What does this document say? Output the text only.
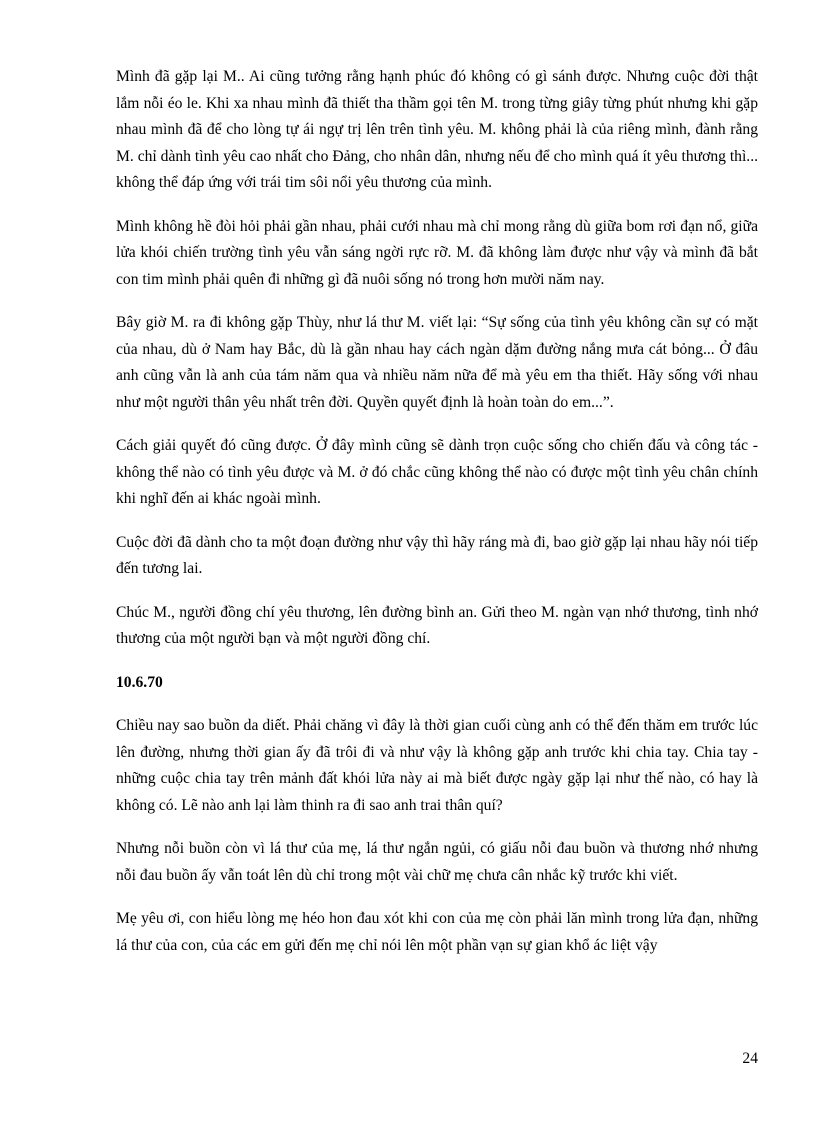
Mình đã gặp lại M.. Ai cũng tưởng rằng hạnh phúc đó không có gì sánh được. Nhưng cuộc đời thật lắm nỗi éo le. Khi xa nhau mình đã thiết tha thầm gọi tên M. trong từng giây từng phút nhưng khi gặp nhau mình đã để cho lòng tự ái ngự trị lên trên tình yêu. M. không phải là của riêng mình, đành rằng M. chỉ dành tình yêu cao nhất cho Đảng, cho nhân dân, nhưng nếu để cho mình quá ít yêu thương thì... không thể đáp ứng với trái tim sôi nổi yêu thương của mình.

Mình không hề đòi hỏi phải gần nhau, phải cưới nhau mà chỉ mong rằng dù giữa bom rơi đạn nổ, giữa lửa khói chiến trường tình yêu vẫn sáng ngời rực rỡ. M. đã không làm được như vậy và mình đã bắt con tim mình phải quên đi những gì đã nuôi sống nó trong hơn mười năm nay.

Bây giờ M. ra đi không gặp Thùy, như lá thư M. viết lại: “Sự sống của tình yêu không cần sự có mặt của nhau, dù ở Nam hay Bắc, dù là gần nhau hay cách ngàn dặm đường nắng mưa cát bỏng... Ở đâu anh cũng vẫn là anh của tám năm qua và nhiều năm nữa để mà yêu em tha thiết. Hãy sống với nhau như một người thân yêu nhất trên đời. Quyền quyết định là hoàn toàn do em...”.

Cách giải quyết đó cũng được. Ở đây mình cũng sẽ dành trọn cuộc sống cho chiến đấu và công tác - không thể nào có tình yêu được và M. ở đó chắc cũng không thể nào có được một tình yêu chân chính khi nghĩ đến ai khác ngoài mình.

Cuộc đời đã dành cho ta một đoạn đường như vậy thì hãy ráng mà đi, bao giờ gặp lại nhau hãy nói tiếp đến tương lai.

Chúc M., người đồng chí yêu thương, lên đường bình an. Gửi theo M. ngàn vạn nhớ thương, tình nhớ thương của một người bạn và một người đồng chí.

10.6.70

Chiều nay sao buồn da diết. Phải chăng vì đây là thời gian cuối cùng anh có thể đến thăm em trước lúc lên đường, nhưng thời gian ấy đã trôi đi và như vậy là không gặp anh trước khi chia tay. Chia tay - những cuộc chia tay trên mảnh đất khói lửa này ai mà biết được ngày gặp lại như thế nào, có hay là không có. Lẽ nào anh lại làm thinh ra đi sao anh trai thân quí?

Nhưng nỗi buồn còn vì lá thư của mẹ, lá thư ngắn ngủi, có giấu nỗi đau buồn và thương nhớ nhưng nỗi đau buồn ấy vẫn toát lên dù chỉ trong một vài chữ mẹ chưa cân nhắc kỹ trước khi viết.

Mẹ yêu ơi, con hiểu lòng mẹ héo hon đau xót khi con của mẹ còn phải lăn mình trong lửa đạn, những lá thư của con, của các em gửi đến mẹ chỉ nói lên một phần vạn sự gian khổ ác liệt vậy

24
